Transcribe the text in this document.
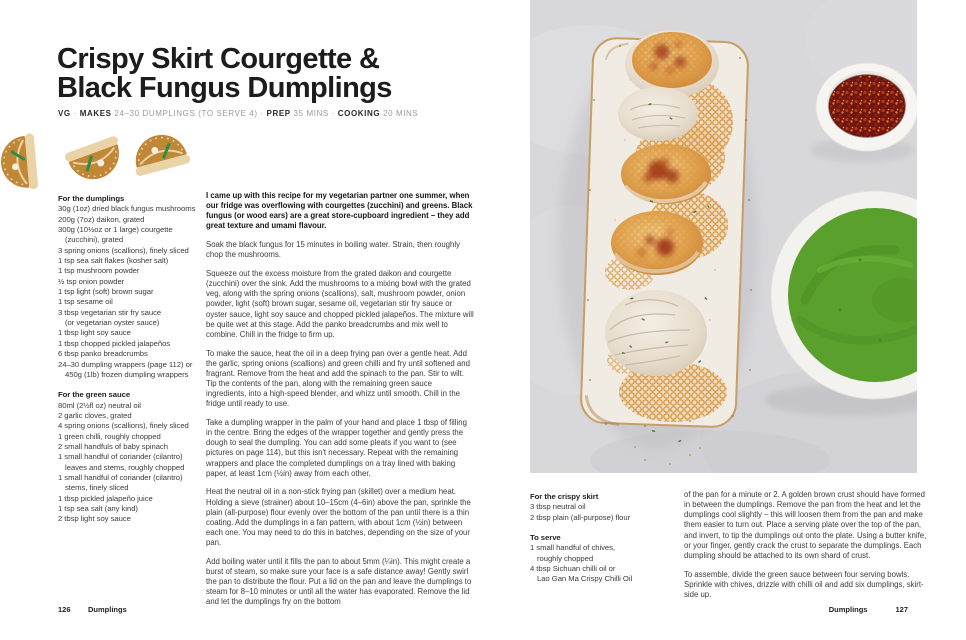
Crispy Skirt Courgette &
Black Fungus Dumplings
VG · MAKES 24–30 DUMPLINGS (TO SERVE 4) · PREP 35 MINS · COOKING 20 MINS
For the dumplings
30g (1oz) dried black fungus mushrooms
200g (7oz) daikon, grated
300g (10½oz or 1 large) courgette
(zucchini), grated
3 spring onions (scallions), finely sliced
1 tsp sea salt flakes (kosher salt)
1 tsp mushroom powder
½ tsp onion powder
1 tsp light (soft) brown sugar
1 tsp sesame oil
3 tbsp vegetarian stir fry sauce
(or vegetarian oyster sauce)
1 tbsp light soy sauce
1 tbsp chopped pickled jalapeños
6 tbsp panko breadcrumbs
24–30 dumpling wrappers (page 112) or
450g (1lb) frozen dumpling wrappers
For the green sauce
80ml (2½fl oz) neutral oil
2 garlic cloves, grated
4 spring onions (scallions), finely sliced
1 green chilli, roughly chopped
2 small handfuls of baby spinach
1 small handful of coriander (cilantro)
leaves and stems, roughly chopped
1 small handful of coriander (cilantro)
stems, finely sliced
1 tbsp pickled jalapeño juice
1 tsp sea salt (any kind)
2 tbsp light soy sauce
I came up with this recipe for my vegetarian partner one summer, when our fridge was overflowing with courgettes (zucchini) and greens. Black fungus (or wood ears) are a great store-cupboard ingredient – they add great texture and umami flavour.
Soak the black fungus for 15 minutes in boiling water. Strain, then roughly chop the mushrooms.
Squeeze out the excess moisture from the grated daikon and courgette (zucchini) over the sink. Add the mushrooms to a mixing bowl with the grated veg, along with the spring onions (scallions), salt, mushroom powder, onion powder, light (soft) brown sugar, sesame oil, vegetarian stir fry sauce or oyster sauce, light soy sauce and chopped pickled jalapeños. The mixture will be quite wet at this stage. Add the panko breadcrumbs and mix well to combine. Chill in the fridge to firm up.
To make the sauce, heat the oil in a deep frying pan over a gentle heat. Add the garlic, spring onions (scallions) and green chilli and fry until softened and fragrant. Remove from the heat and add the spinach to the pan. Stir to wilt. Tip the contents of the pan, along with the remaining green sauce ingredients, into a high-speed blender, and whizz until smooth. Chill in the fridge until ready to use.
Take a dumpling wrapper in the palm of your hand and place 1 tbsp of filling in the centre. Bring the edges of the wrapper together and gently press the dough to seal the dumpling. You can add some pleats if you want to (see pictures on page 114), but this isn't necessary. Repeat with the remaining wrappers and place the completed dumplings on a tray lined with baking paper, at least 1cm (½in) away from each other.
Heat the neutral oil in a non-stick frying pan (skillet) over a medium heat. Holding a sieve (strainer) about 10–15cm (4–6in) above the pan, sprinkle the plain (all-purpose) flour evenly over the bottom of the pan until there is a thin coating. Add the dumplings in a fan pattern, with about 1cm (½in) between each one. You may need to do this in batches, depending on the size of your pan.
Add boiling water until it fills the pan to about 5mm (¼in). This might create a burst of steam, so make sure your face is a safe distance away! Gently swirl the pan to distribute the flour. Put a lid on the pan and leave the dumplings to steam for 8–10 minutes or until all the water has evaporated. Remove the lid and let the dumplings fry on the bottom
126	Dumplings
For the crispy skirt
3 tbsp neutral oil
2 tbsp plain (all-purpose) flour
To serve
1 small handful of chives,
roughly chopped
4 tbsp Sichuan chilli oil or
Lao Gan Ma Crispy Chilli Oil
of the pan for a minute or 2. A golden brown crust should have formed in between the dumplings. Remove the pan from the heat and let the dumplings cool slightly – this will loosen them from the pan and make them easier to turn out. Place a serving plate over the top of the pan, and invert, to tip the dumplings out onto the plate. Using a butter knife, or your finger, gently crack the crust to separate the dumplings. Each dumpling should be attached to its own shard of crust.
To assemble, divide the green sauce between four serving bowls. Sprinkle with chives, drizzle with chilli oil and add six dumplings, skirt-side up.
Dumplings	127
